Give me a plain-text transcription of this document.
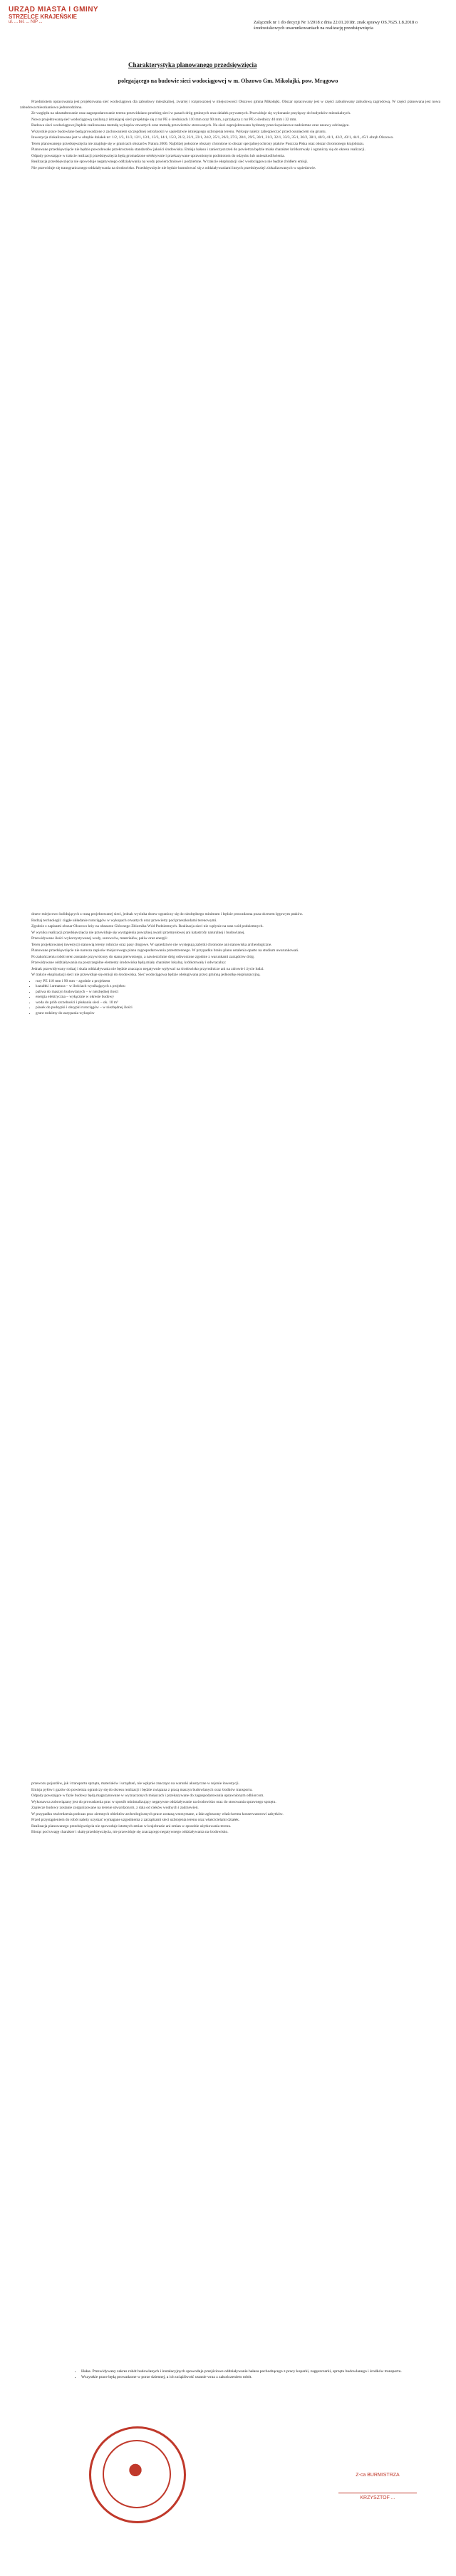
URZĄD MIASTA I GMINY
STRZELCE KRAJEŃSKIE
ul. ... tel. ... NIP ...	Załącznik nr 1 do decyzji Nr 1/2018 z dnia 22.01.2018r. znak sprawy OS.7625.1.8.2018 o środowiskowych uwarunkowaniach na realizację przedsięwzięcia
Charakterystyka planowanego przedsięwzięcia
polegającego na budowie sieci wodociągowej w m. Olszowo Gm. Mikołajki, pow. Mrągowo

Przedmiotem opracowania jest projektowana sieć wodociągowa dla zabudowy mieszkalnej, zwartej i rozproszonej w miejscowości Olszowo gmina Mikołajki. Obszar opracowany jest w części zabudowany zabudową zagrodową. W części planowana jest nowa zabudowa mieszkaniowa jednorodzinna.

Ze względu na ukształtowanie oraz zagospodarowanie terenu przewidziano przebieg sieci w pasach dróg gminnych oraz działek prywatnych. Przewiduje się wykonanie przyłączy do budynków mieszkalnych.

Nowo projektowaną sieć wodociągową zasilaną z istniejącej sieci projektuje się z rur PE o średnicach 110 mm oraz 90 mm, a przyłącza z rur PE o średnicy 40 mm i 32 mm.

Budowa sieci wodociągowej będzie realizowana metodą wykopów otwartych oraz metodą przewiertów sterowanych. Na sieci zaprojektowano hydranty przeciwpożarowe nadziemne oraz zasuwy odcinające.

Wszystkie prace budowlane będą prowadzone z zachowaniem szczególnej ostrożności w sąsiedztwie istniejącego uzbrojenia terenu. Wykopy należy zabezpieczyć przed osunięciem się gruntu.

Inwestycja zlokalizowana jest w obrębie działek nr: 1/2, 1/3, 11/3, 12/1, 13/1, 13/3, 14/1, 15/3, 21/2, 22/1, 23/1, 24/2, 25/1, 26/3, 27/2, 28/1, 29/5, 30/1, 31/2, 32/1, 33/3, 35/1, 36/2, 38/1, 40/3, 41/1, 42/2, 43/1, 44/1, 45/1 obręb Olszowo.

Teren planowanego przedsięwzięcia nie znajduje się w granicach obszarów Natura 2000. Najbliżej położone obszary chronione to obszar specjalnej ochrony ptaków Puszcza Piska oraz obszar chronionego krajobrazu.

Planowane przedsięwzięcie nie będzie powodowało przekroczenia standardów jakości środowiska. Emisja hałasu i zanieczyszczeń do powietrza będzie miała charakter krótkotrwały i ograniczy się do okresu realizacji.

Odpady powstające w trakcie realizacji przedsięwzięcia będą gromadzone selektywnie i przekazywane uprawnionym podmiotom do odzysku lub unieszkodliwienia.

Realizacja przedsięwzięcia nie spowoduje negatywnego oddziaływania na wody powierzchniowe i podziemne. W trakcie eksploatacji sieć wodociągowa nie będzie źródłem emisji.

Nie przewiduje się transgranicznego oddziaływania na środowisko. Przedsięwzięcie nie będzie kumulować się z oddziaływaniami innych przedsięwzięć zlokalizowanych w sąsiedztwie.

drzew miejscowo kolidujących z trasą projektowanej sieci, jednak wycinka drzew ograniczy się do niezbędnego minimum i będzie prowadzona poza okresem lęgowym ptaków.

Rodzaj technologii: ciągłe układanie rurociągów w wykopach otwartych oraz przewierty pod przeszkodami terenowymi.

Zgodnie z zapisami obszar Olszowo leży na obszarze Głównego Zbiornika Wód Podziemnych. Realizacja sieci nie wpłynie na stan wód podziemnych.

W wyniku realizacji przedsięwzięcia nie przewiduje się wystąpienia poważnej awarii przemysłowej ani katastrofy naturalnej i budowlanej.

Przewidywane ilości wykorzystywanej wody, surowców, materiałów, paliw oraz energii:

Teren projektowanej inwestycji stanowią tereny rolnicze oraz pasy drogowe. W sąsiedztwie nie występują zabytki chronione ani stanowiska archeologiczne.

Planowane przedsięwzięcie nie narusza zapisów miejscowego planu zagospodarowania przestrzennego. W przypadku braku planu ustalenia oparto na studium uwarunkowań.

Po zakończeniu robót teren zostanie przywrócony do stanu pierwotnego, a nawierzchnie dróg odtworzone zgodnie z warunkami zarządców dróg.

Przewidywane oddziaływania na poszczególne elementy środowiska będą miały charakter lokalny, krótkotrwały i odwracalny:

Jednak przewidywany rodzaj i skala oddziaływania nie będzie znacząco negatywnie wpływać na środowisko przyrodnicze ani na zdrowie i życie ludzi.

W trakcie eksploatacji sieci nie przewiduje się emisji do środowiska. Sieć wodociągowa będzie obsługiwana przez gminną jednostkę eksploatacyjną.

• rury PE 110 mm i 90 mm – zgodnie z projektem
• kształtki i armatura – w ilościach wynikających z projektu
• paliwa do maszyn budowlanych – w niezbędnej ilości
• energia elektryczna – wyłącznie w okresie budowy
• woda do prób szczelności i płukania sieci – ok. 10 m³
• piasek do podsypki i obsypki rurociągów – w niezbędnej ilości
• grunt rodzimy do zasypania wykopów

przewozu pojazdów, jak i transportu sprzętu, materiałów i urządzeń, nie wpłynie znacząco na warunki akustyczne w rejonie inwestycji.

Emisja pyłów i gazów do powietrza ograniczy się do okresu realizacji i będzie związana z pracą maszyn budowlanych oraz środków transportu.

Odpady powstające w fazie budowy będą magazynowane w wyznaczonych miejscach i przekazywane do zagospodarowania uprawnionym odbiorcom.

Wykonawca zobowiązany jest do prowadzenia prac w sposób minimalizujący negatywne oddziaływanie na środowisko oraz do stosowania sprawnego sprzętu.

Zaplecze budowy zostanie zorganizowane na terenie utwardzonym, z dala od cieków wodnych i zadrzewień.

W przypadku stwierdzenia podczas prac ziemnych obiektów archeologicznych prace zostaną wstrzymane, a fakt zgłoszony właściwemu konserwatorowi zabytków.

Przed przystąpieniem do robót należy uzyskać wymagane uzgodnienia z zarządcami sieci uzbrojenia terenu oraz właścicielami działek.

Realizacja planowanego przedsięwzięcia nie spowoduje istotnych zmian w krajobrazie ani zmian w sposobie użytkowania terenu.

Biorąc pod uwagę charakter i skalę przedsięwzięcia, nie przewiduje się znaczącego negatywnego oddziaływania na środowisko.

• Hałas. Przewidywany zakres robót budowlanych i instalacyjnych spowoduje przejściowe oddziaływanie hałasu pochodzącego z pracy koparki, zagęszczarki, sprzętu budowlanego i środków transportu.
• Wszystkie prace będą prowadzone w porze dziennej, a ich uciążliwość ustanie wraz z zakończeniem robót.
Z-ca BURMISTRZA
KRZYSZTOF ...
